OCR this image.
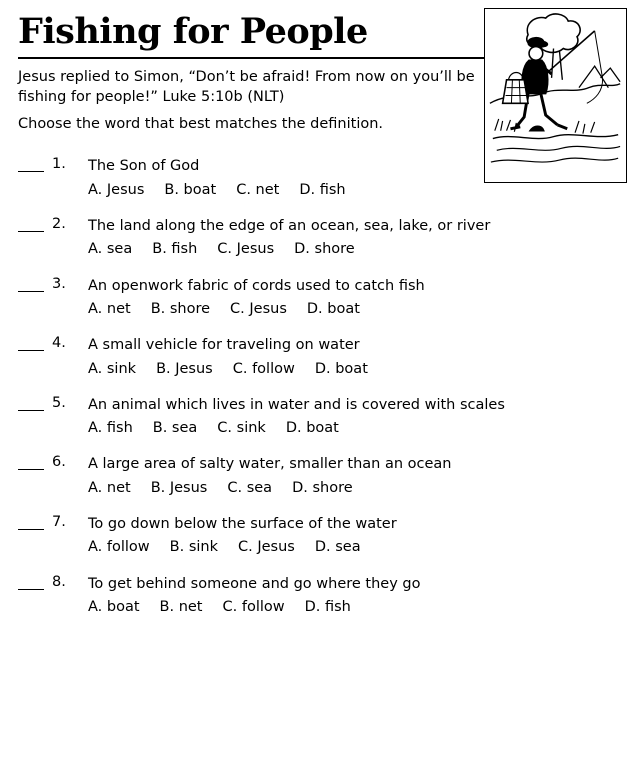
Fishing for People

Jesus replied to Simon, “Don’t be afraid! From now on you’ll be fishing for people!” Luke 5:10b (NLT)

Choose the word that best matches the definition.

1.	The Son of God
A. Jesus B. boat C. net D. fish
2.	The land along the edge of an ocean, sea, lake, or river
A. sea B. fish C. Jesus D. shore
3.	An openwork fabric of cords used to catch fish
A. net B. shore C. Jesus D. boat
4.	A small vehicle for traveling on water
A. sink B. Jesus C. follow D. boat
5.	An animal which lives in water and is covered with scales
A. fish B. sea C. sink D. boat
6.	A large area of salty water, smaller than an ocean
A. net B. Jesus C. sea D. shore
7.	To go down below the surface of the water
A. follow B. sink C. Jesus D. sea
8.	To get behind someone and go where they go
A. boat B. net C. follow D. fish
